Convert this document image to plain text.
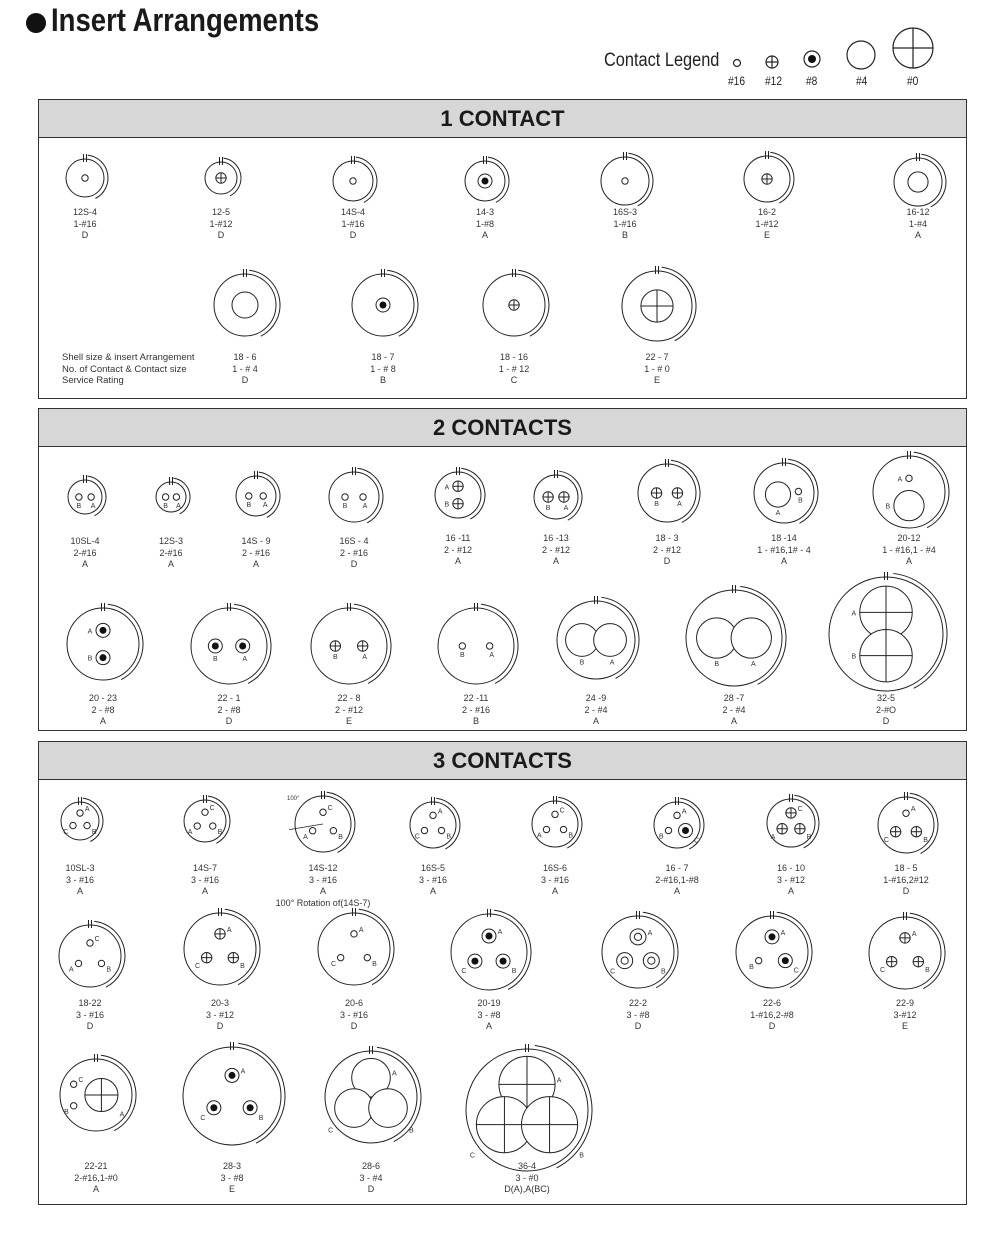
Insert Arrangements
Contact Legend
#16 #12 #8	#4	#0
1 CONTACT
12S-4
1-#16
D
12-5
1-#12
D
14S-4
1-#16
D
14-3
1-#8
A
16S-3
1-#16
B
16-2
1-#12
E
16-12
1-#4
A
18 - 6
1 - # 4
D
18 - 7
1 - # 8
B
18 - 16
1 - # 12
C
22 - 7
1 - # 0
E
2 CONTACTS
B A
10SL-4
2-#16
A
B A
12S-3
2-#16
A
B A
14S - 9
2 - #16
A
B A
16S - 4
2 - #16
D
A
B
16 -11
2 - #12
A
B A
16 -13
2 - #12
A
B	A
18 - 3
2 - #12
D
A
B
18 -14
1 - #16,1# - 4
A
A
B
20-12
1 - #16,1 - #4
A
A
B
20 - 23
2 - #8
A
B	A
22 - 1
2 - #8
D
B	A
22 - 8
2 - #12
E
B	A
22 -11
2 - #16
B
B	A
24 -9
2 - #4
A
B	A
28 -7
2 - #4
A
A
B
32-5
2-#O
D
3 CONTACTS
A
C	B
10SL-3
3 - #16
A
C
A	B
14S-7
3 - #16
A
C
A	B
100°
14S-12
3 - #16
A
100° Rotation of(14S-7)
A
C	B
16S-5
3 - #16
A
C
A	B
16S-6
3 - #16
A
A
B
C
16 - 7
2-#16,1-#8
A
C
A	B
16 - 10
3 - #12
A
A
C	B
18 - 5
1-#16,2#12
D
C
A	B
18-22
3 - #16
D
A
C	B
20-3
3 - #12
D
A
C	B
20-6
3 - #16
D
A
C	B
20-19
3 - #8
A
A
C	B
22-2
3 - #8
D
A
B
C
22-6
1-#16,2-#8
D
A
C	B
22-9
3-#12
E
C
B	A
22-21
2-#16,1-#0
A
A
C	B
28-3
3 - #8
E
A
C	B
28-6
3 - #4
D
A
C	B
36-4
3 - #0
D(A),A(BC)
Shell size & insert Arrangement
No. of Contact & Contact size
Service Rating
